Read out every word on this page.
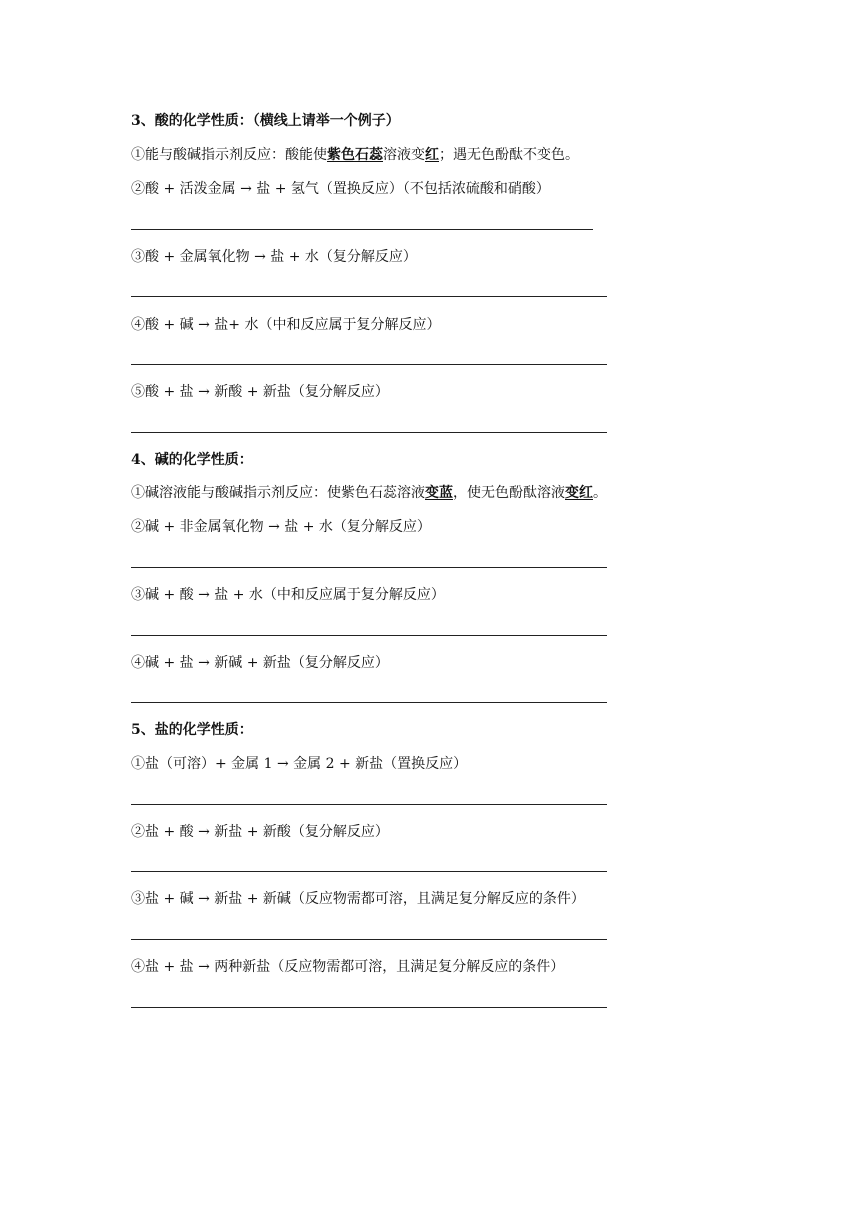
3、酸的化学性质：（横线上请举一个例子）
①能与酸碱指示剂反应：酸能使紫色石蕊溶液变红；遇无色酚酞不变色。
②酸 + 活泼金属 → 盐 + 氢气（置换反应）（不包括浓硫酸和硝酸）
③酸 + 金属氧化物 → 盐 + 水（复分解反应）
④酸 + 碱 → 盐+ 水（中和反应属于复分解反应）
⑤酸 + 盐 → 新酸 + 新盐（复分解反应）
4、碱的化学性质：
①碱溶液能与酸碱指示剂反应：使紫色石蕊溶液变蓝，使无色酚酞溶液变红。
②碱 + 非金属氧化物 → 盐 + 水（复分解反应）
③碱 + 酸 → 盐 + 水（中和反应属于复分解反应）
④碱 + 盐 → 新碱 + 新盐（复分解反应）
5、盐的化学性质：
①盐（可溶）+ 金属 1 → 金属 2 + 新盐（置换反应）
②盐 + 酸 → 新盐 + 新酸（复分解反应）
③盐 + 碱 → 新盐 + 新碱（反应物需都可溶，且满足复分解反应的条件）
④盐 + 盐 → 两种新盐（反应物需都可溶，且满足复分解反应的条件）
